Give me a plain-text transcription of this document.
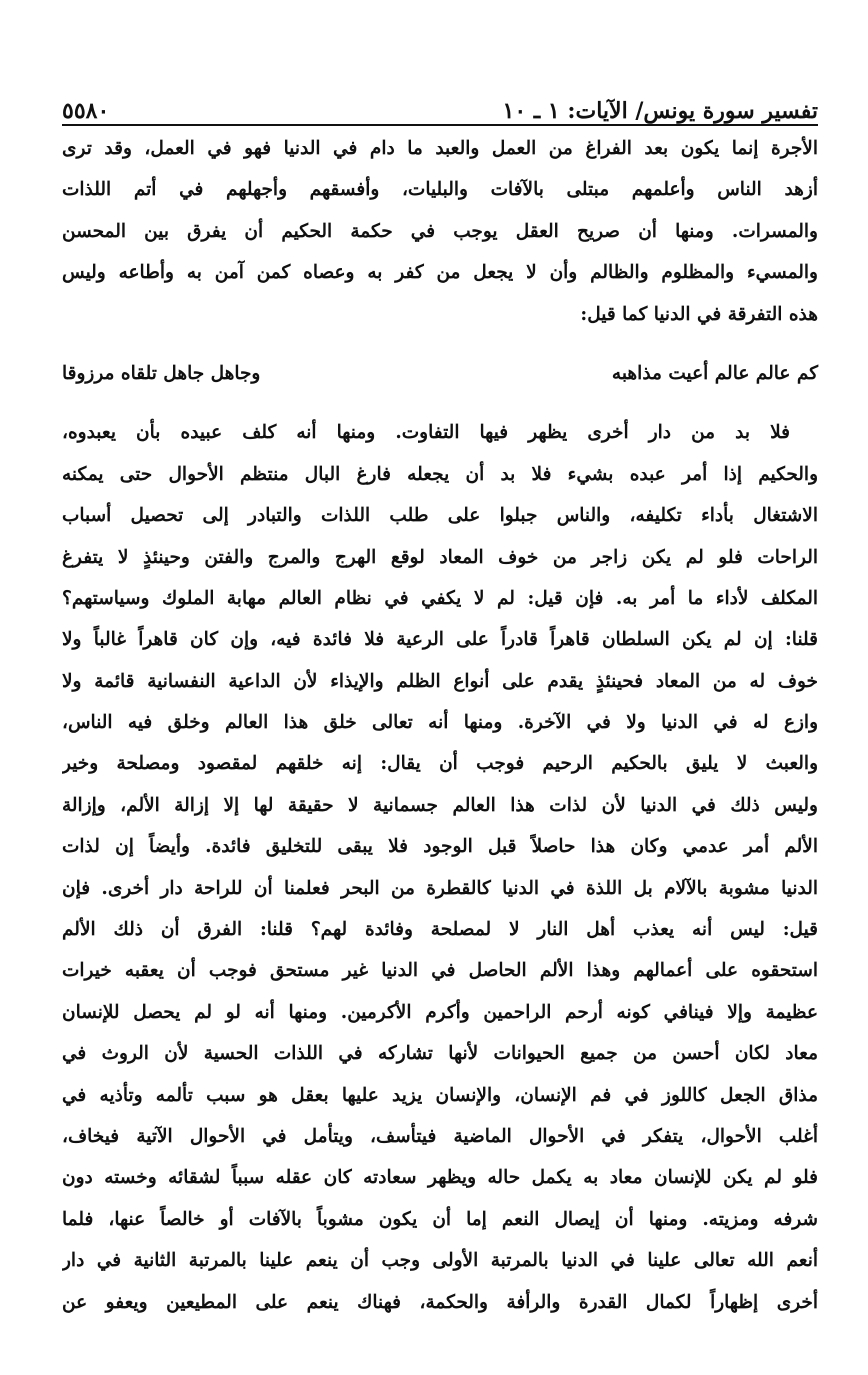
تفسير سورة يونس/ الآيات: ١ ـ ١٠
٥٥٨٠
الأجرة إنما يكون بعد الفراغ من العمل والعبد ما دام في الدنيا فهو في العمل، وقد ترى
أزهد الناس وأعلمهم مبتلى بالآفات والبليات، وأفسقهم وأجهلهم في أتم اللذات
والمسرات. ومنها أن صريح العقل يوجب في حكمة الحكيم أن يفرق بين المحسن
والمسيء والمظلوم والظالم وأن لا يجعل من كفر به وعصاه كمن آمن به وأطاعه وليس
هذه التفرقة في الدنيا كما قيل:
كم عالم عالم أعيت مذاهبه
وجاهل جاهل تلقاه مرزوقا
فلا بد من دار أخرى يظهر فيها التفاوت. ومنها أنه كلف عبيده بأن يعبدوه،
والحكيم إذا أمر عبده بشيء فلا بد أن يجعله فارغ البال منتظم الأحوال حتى يمكنه
الاشتغال بأداء تكليفه، والناس جبلوا على طلب اللذات والتبادر إلى تحصيل أسباب
الراحات فلو لم يكن زاجر من خوف المعاد لوقع الهرج والمرج والفتن وحينئذٍ لا يتفرغ
المكلف لأداء ما أمر به. فإن قيل: لم لا يكفي في نظام العالم مهابة الملوك وسياستهم؟
قلنا: إن لم يكن السلطان قاهراً قادراً على الرعية فلا فائدة فيه، وإن كان قاهراً غالباً ولا
خوف له من المعاد فحينئذٍ يقدم على أنواع الظلم والإيذاء لأن الداعية النفسانية قائمة ولا
وازع له في الدنيا ولا في الآخرة. ومنها أنه تعالى خلق هذا العالم وخلق فيه الناس،
والعبث لا يليق بالحكيم الرحيم فوجب أن يقال: إنه خلقهم لمقصود ومصلحة وخير
وليس ذلك في الدنيا لأن لذات هذا العالم جسمانية لا حقيقة لها إلا إزالة الألم، وإزالة
الألم أمر عدمي وكان هذا حاصلاً قبل الوجود فلا يبقى للتخليق فائدة. وأيضاً إن لذات
الدنيا مشوبة بالآلام بل اللذة في الدنيا كالقطرة من البحر فعلمنا أن للراحة دار أخرى. فإن
قيل: ليس أنه يعذب أهل النار لا لمصلحة وفائدة لهم؟ قلنا: الفرق أن ذلك الألم
استحقوه على أعمالهم وهذا الألم الحاصل في الدنيا غير مستحق فوجب أن يعقبه خيرات
عظيمة وإلا فينافي كونه أرحم الراحمين وأكرم الأكرمين. ومنها أنه لو لم يحصل للإنسان
معاد لكان أحسن من جميع الحيوانات لأنها تشاركه في اللذات الحسية لأن الروث في
مذاق الجعل كاللوز في فم الإنسان، والإنسان يزيد عليها بعقل هو سبب تألمه وتأذيه في
أغلب الأحوال، يتفكر في الأحوال الماضية فيتأسف، ويتأمل في الأحوال الآتية فيخاف،
فلو لم يكن للإنسان معاد به يكمل حاله ويظهر سعادته كان عقله سبباً لشقائه وخسته دون
شرفه ومزيته. ومنها أن إيصال النعم إما أن يكون مشوباً بالآفات أو خالصاً عنها، فلما
أنعم الله تعالى علينا في الدنيا بالمرتبة الأولى وجب أن ينعم علينا بالمرتبة الثانية في دار
أخرى إظهاراً لكمال القدرة والرأفة والحكمة، فهناك ينعم على المطيعين ويعفو عن
